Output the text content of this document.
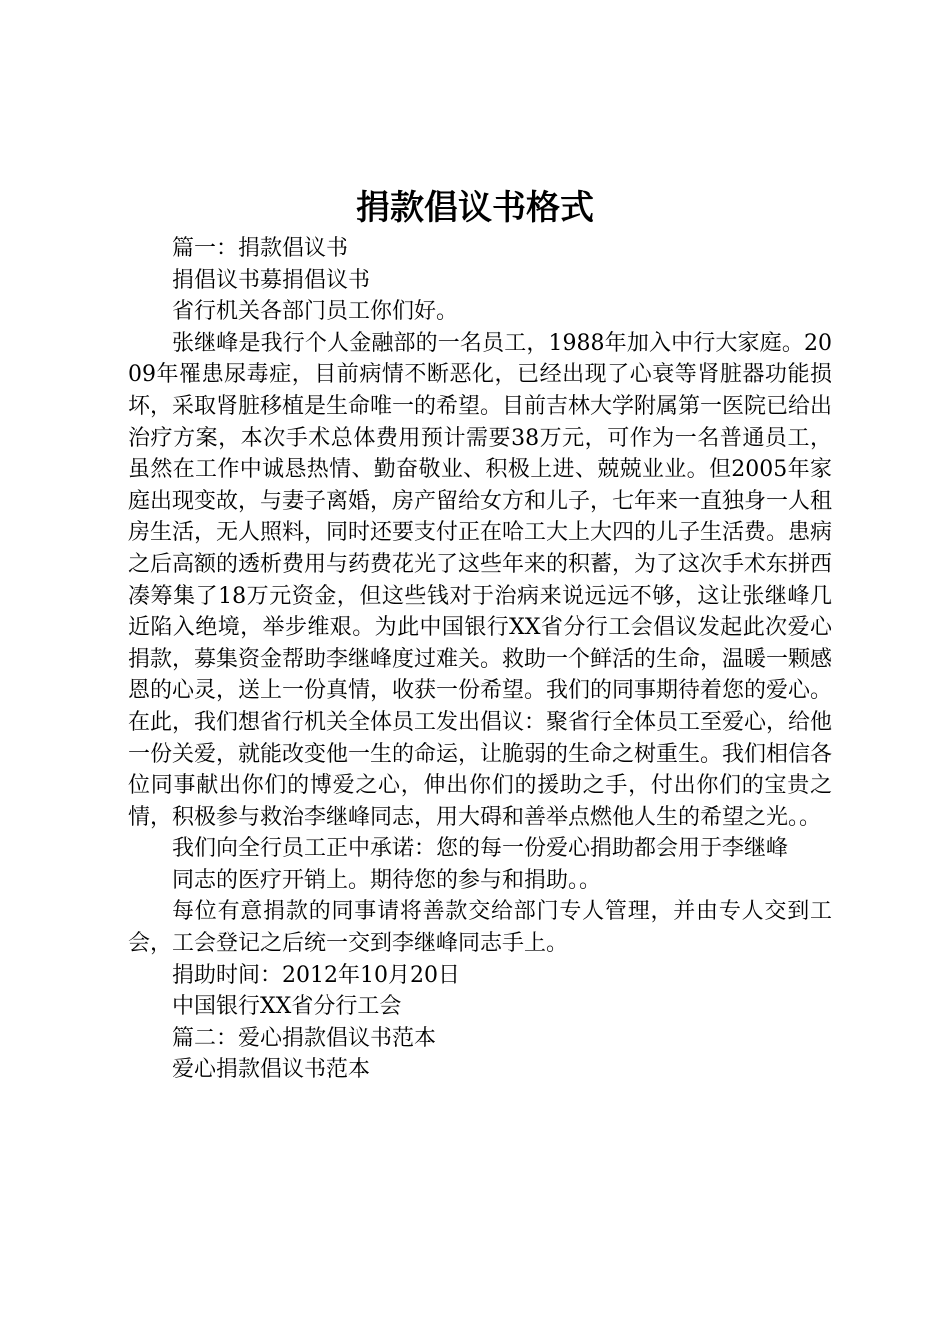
捐款倡议书格式

篇一：捐款倡议书

捐倡议书募捐倡议书

省行机关各部门员工你们好。

张继峰是我行个人金融部的一名员工，1988年加入中行大家庭。2009年罹患尿毒症，目前病情不断恶化，已经出现了心衰等肾脏器功能损坏，采取肾脏移植是生命唯一的希望。目前吉林大学附属第一医院已给出治疗方案，本次手术总体费用预计需要38万元，可作为一名普通员工，虽然在工作中诚恳热情、勤奋敬业、积极上进、兢兢业业。但2005年家庭出现变故，与妻子离婚，房产留给女方和儿子，七年来一直独身一人租房生活，无人照料，同时还要支付正在哈工大上大四的儿子生活费。患病之后高额的透析费用与药费花光了这些年来的积蓄，为了这次手术东拼西凑筹集了18万元资金，但这些钱对于治病来说远远不够，这让张继峰几近陷入绝境，举步维艰。为此中国银行XX省分行工会倡议发起此次爱心捐款，募集资金帮助李继峰度过难关。救助一个鲜活的生命，温暖一颗感恩的心灵，送上一份真情，收获一份希望。我们的同事期待着您的爱心。在此，我们想省行机关全体员工发出倡议：聚省行全体员工至爱心，给他一份关爱，就能改变他一生的命运，让脆弱的生命之树重生。我们相信各位同事献出你们的博爱之心，伸出你们的援助之手，付出你们的宝贵之情，积极参与救治李继峰同志，用大碍和善举点燃他人生的希望之光。。

我们向全行员工正中承诺：您的每一份爱心捐助都会用于李继峰

同志的医疗开销上。期待您的参与和捐助。。

每位有意捐款的同事请将善款交给部门专人管理，并由专人交到工会，工会登记之后统一交到李继峰同志手上。

捐助时间：2012年10月20日

中国银行XX省分行工会

篇二：爱心捐款倡议书范本

爱心捐款倡议书范本
